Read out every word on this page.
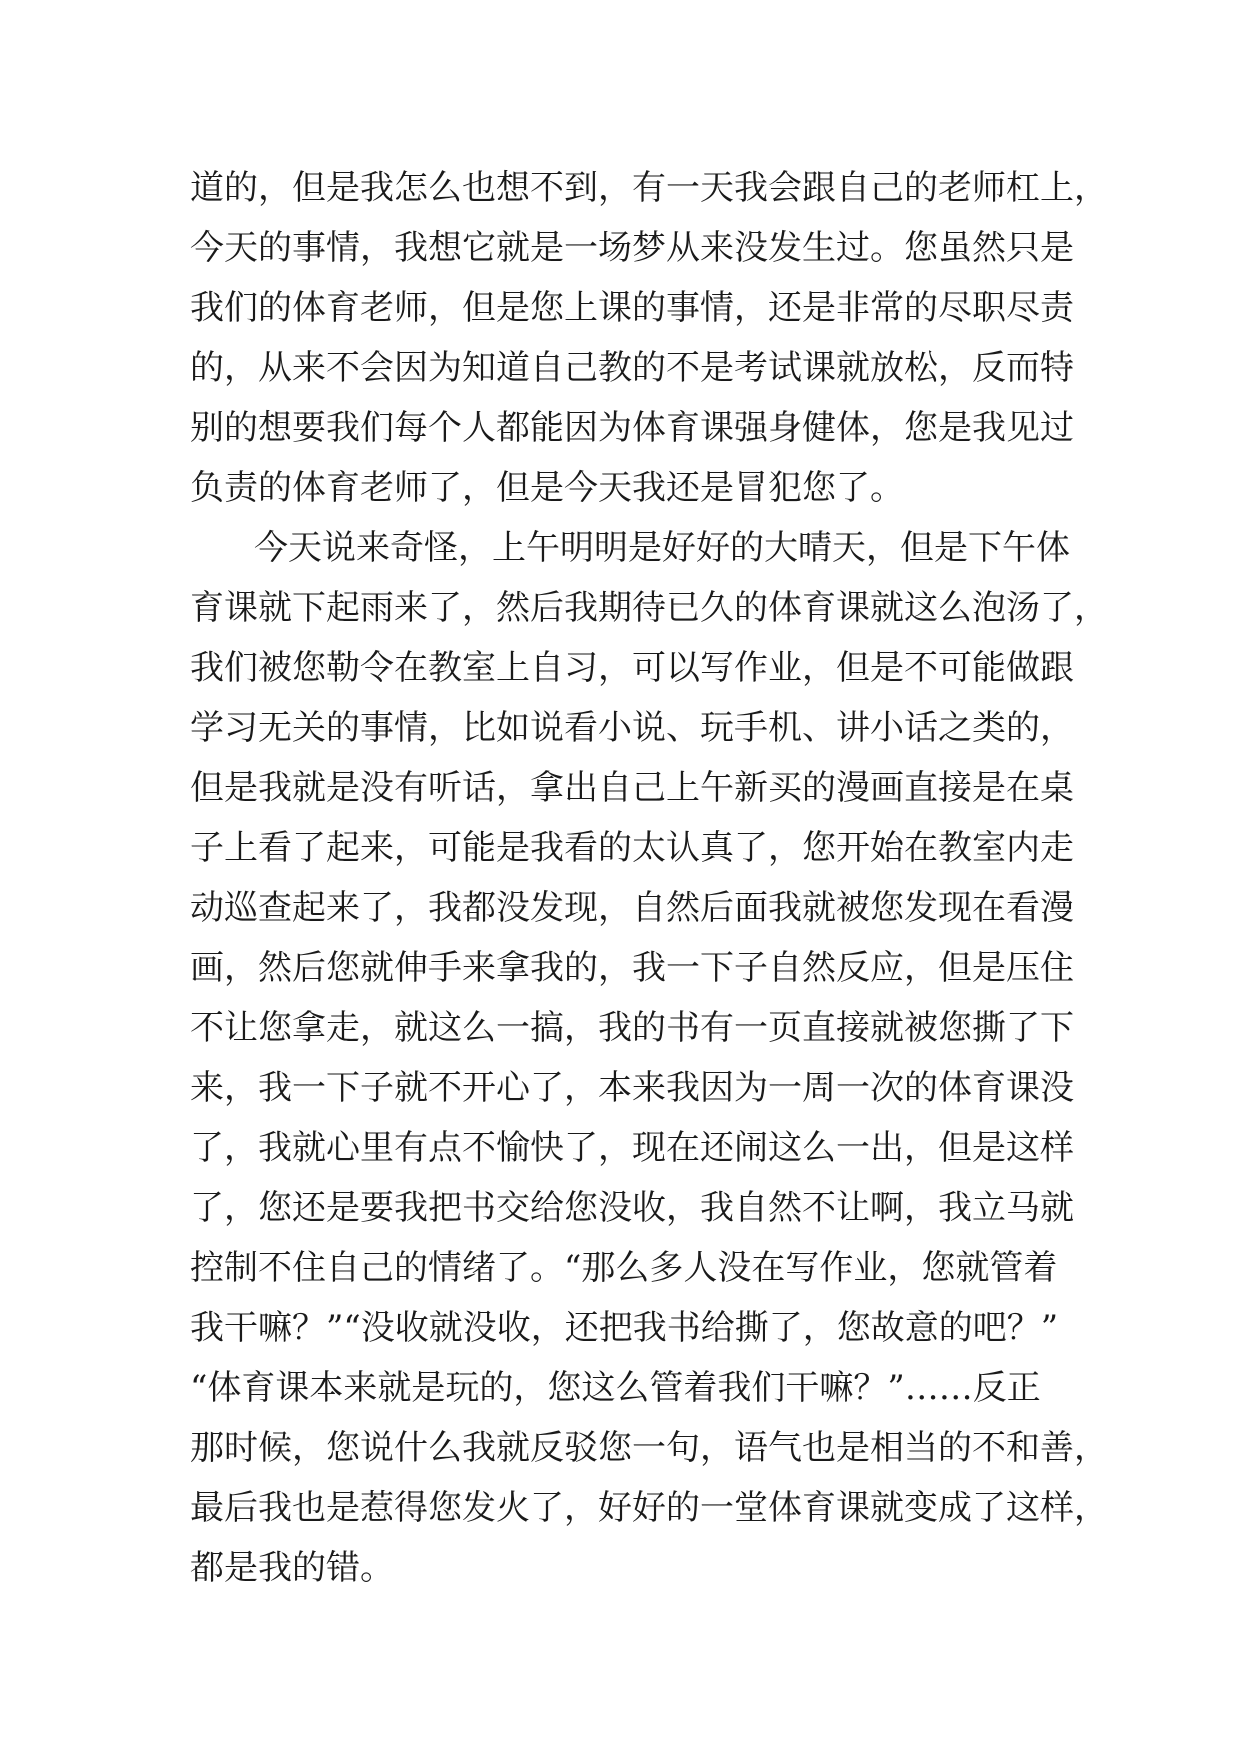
道的，但是我怎么也想不到，有一天我会跟自己的老师杠上，
今天的事情，我想它就是一场梦从来没发生过。您虽然只是
我们的体育老师，但是您上课的事情，还是非常的尽职尽责
的，从来不会因为知道自己教的不是考试课就放松，反而特
别的想要我们每个人都能因为体育课强身健体，您是我见过
负责的体育老师了，但是今天我还是冒犯您了。
今天说来奇怪，上午明明是好好的大晴天，但是下午体
育课就下起雨来了，然后我期待已久的体育课就这么泡汤了，
我们被您勒令在教室上自习，可以写作业，但是不可能做跟
学习无关的事情，比如说看小说、玩手机、讲小话之类的，
但是我就是没有听话，拿出自己上午新买的漫画直接是在桌
子上看了起来，可能是我看的太认真了，您开始在教室内走
动巡查起来了，我都没发现，自然后面我就被您发现在看漫
画，然后您就伸手来拿我的，我一下子自然反应，但是压住
不让您拿走，就这么一搞，我的书有一页直接就被您撕了下
来，我一下子就不开心了，本来我因为一周一次的体育课没
了，我就心里有点不愉快了，现在还闹这么一出，但是这样
了，您还是要我把书交给您没收，我自然不让啊，我立马就
控制不住自己的情绪了。“那么多人没在写作业，您就管着
我干嘛？”“没收就没收，还把我书给撕了，您故意的吧？”
“体育课本来就是玩的，您这么管着我们干嘛？”……反正
那时候，您说什么我就反驳您一句，语气也是相当的不和善，
最后我也是惹得您发火了，好好的一堂体育课就变成了这样，
都是我的错。
